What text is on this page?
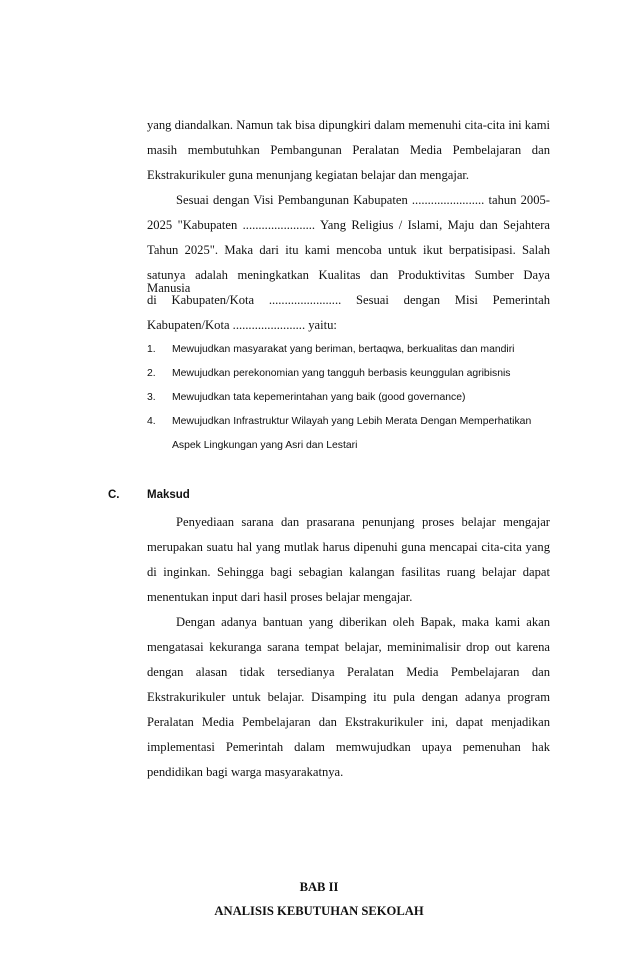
yang diandalkan. Namun tak bisa dipungkiri dalam memenuhi cita-cita ini kami
masih membutuhkan Pembangunan Peralatan Media Pembelajaran dan
Ekstrakurikuler guna menunjang kegiatan belajar dan mengajar.
Sesuai dengan Visi Pembangunan Kabupaten ....................... tahun 2005-
2025 "Kabupaten ....................... Yang Religius / Islami, Maju dan Sejahtera
Tahun 2025". Maka dari itu kami mencoba untuk ikut berpatisipasi. Salah
satunya adalah meningkatkan Kualitas dan Produktivitas Sumber Daya Manusia
di Kabupaten/Kota ....................... Sesuai dengan Misi Pemerintah
Kabupaten/Kota ....................... yaitu:
1. Mewujudkan masyarakat yang beriman, bertaqwa, berkualitas dan mandiri
2. Mewujudkan perekonomian yang tangguh berbasis keunggulan agribisnis
3. Mewujudkan tata kepemerintahan yang baik (good governance)
4. Mewujudkan Infrastruktur Wilayah yang Lebih Merata Dengan Memperhatikan
Aspek Lingkungan yang Asri dan Lestari
C. Maksud
Penyediaan sarana dan prasarana penunjang proses belajar mengajar
merupakan suatu hal yang mutlak harus dipenuhi guna mencapai cita-cita yang
di inginkan. Sehingga bagi sebagian kalangan fasilitas ruang belajar dapat
menentukan input dari hasil proses belajar mengajar.
Dengan adanya bantuan yang diberikan oleh Bapak, maka kami akan
mengatasai kekuranga sarana tempat belajar, meminimalisir drop out karena
dengan alasan tidak tersedianya Peralatan Media Pembelajaran dan
Ekstrakurikuler untuk belajar. Disamping itu pula dengan adanya program
Peralatan Media Pembelajaran dan Ekstrakurikuler ini, dapat menjadikan
implementasi Pemerintah dalam memwujudkan upaya pemenuhan hak
pendidikan bagi warga masyarakatnya.
BAB II
ANALISIS KEBUTUHAN SEKOLAH
